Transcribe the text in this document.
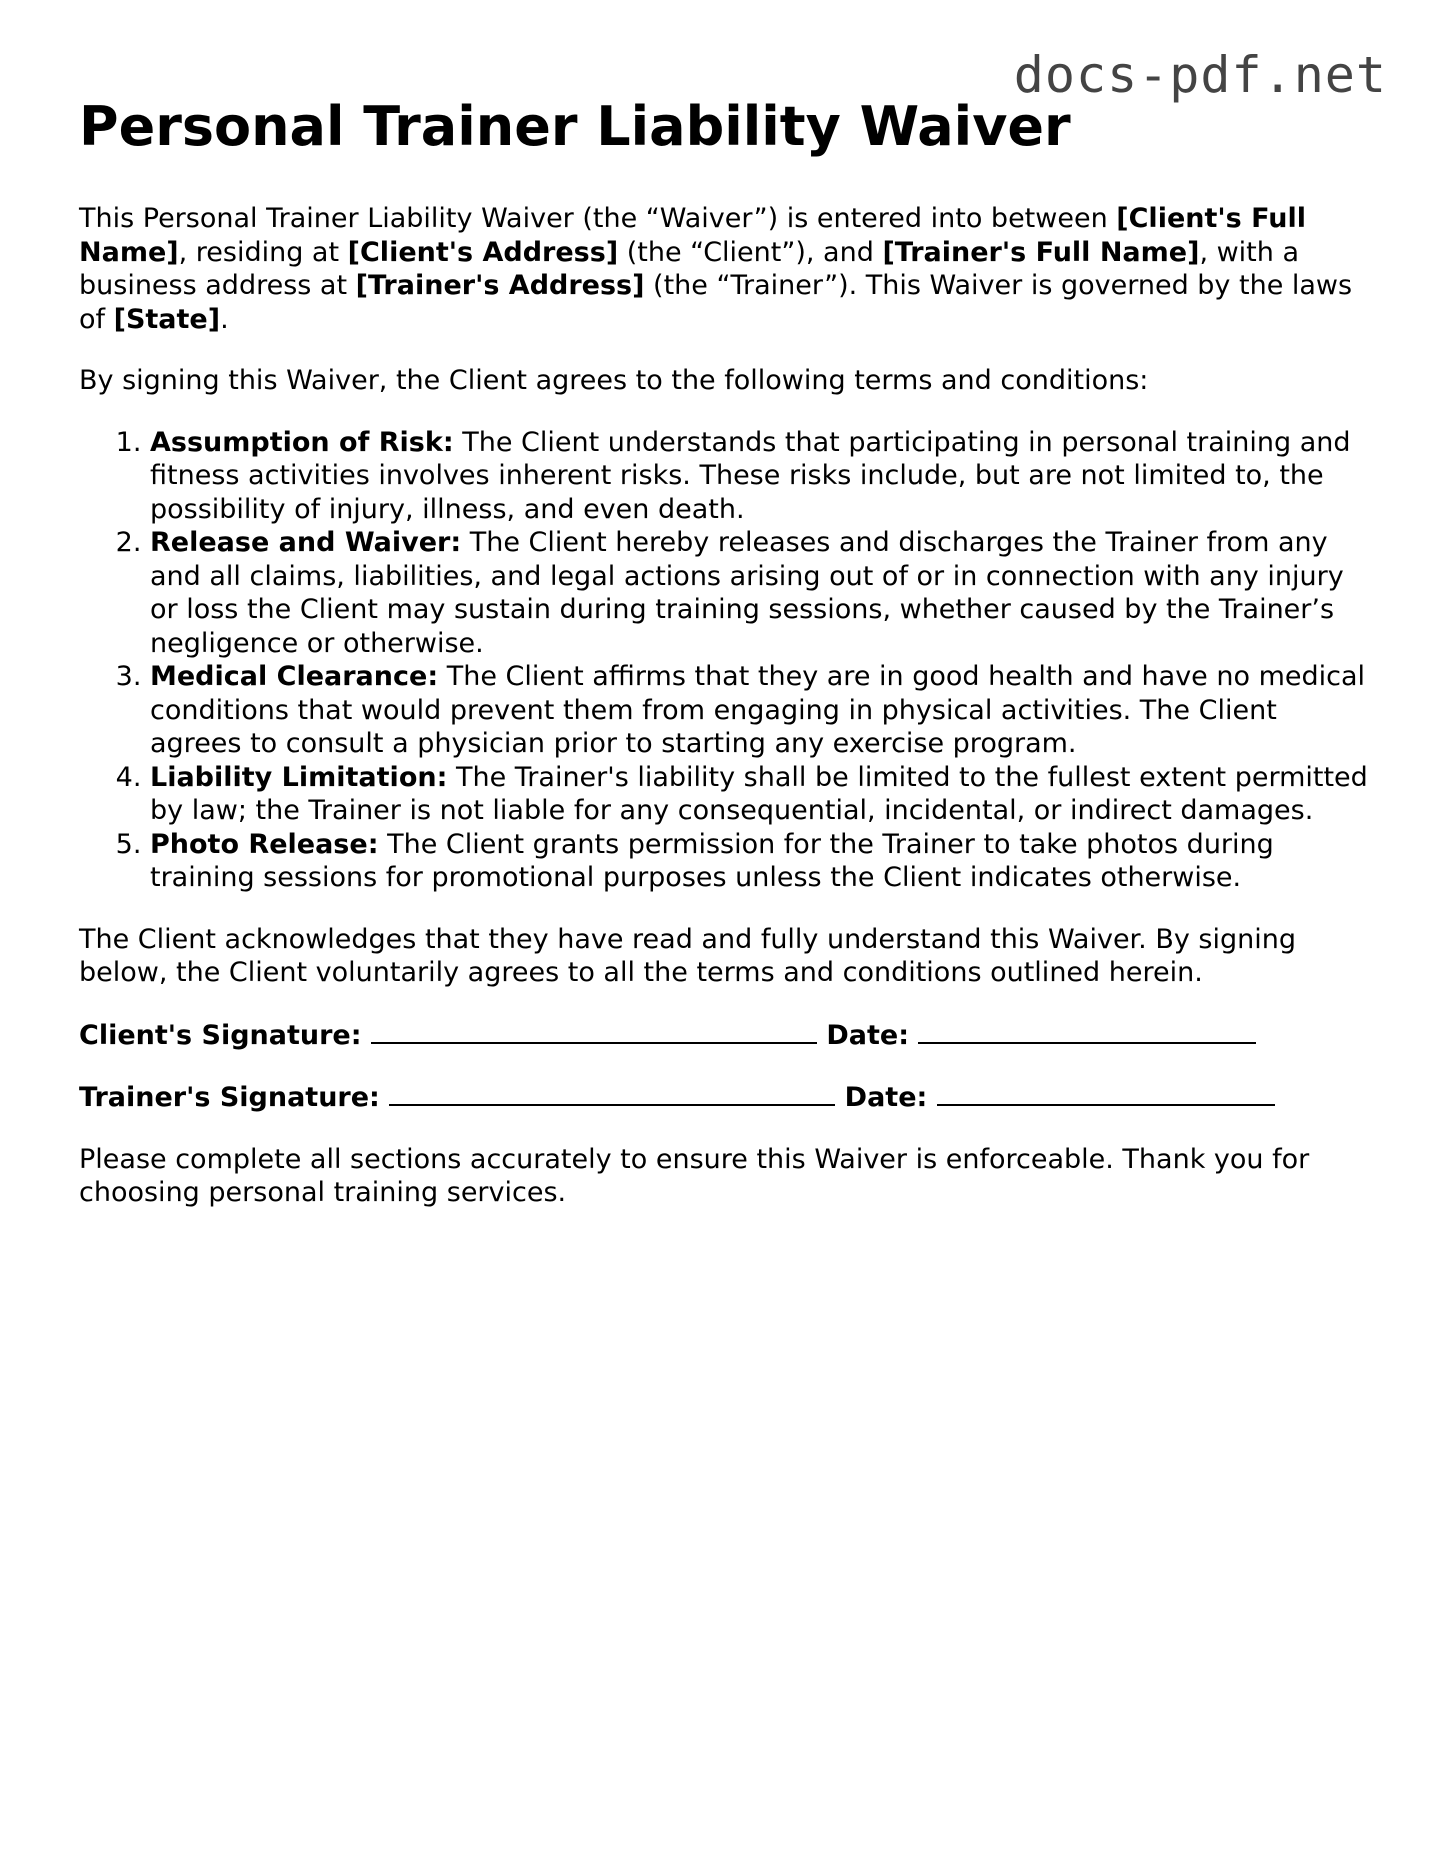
docs-pdf.net
Personal Trainer Liability Waiver

This Personal Trainer Liability Waiver (the “Waiver”) is entered into between [Client's Full Name], residing at [Client's Address] (the “Client”), and [Trainer's Full Name], with a business address at [Trainer's Address] (the “Trainer”). This Waiver is governed by the laws of [State].

By signing this Waiver, the Client agrees to the following terms and conditions:

1. Assumption of Risk: The Client understands that participating in personal training and fitness activities involves inherent risks. These risks include, but are not limited to, the possibility of injury, illness, and even death.
2. Release and Waiver: The Client hereby releases and discharges the Trainer from any and all claims, liabilities, and legal actions arising out of or in connection with any injury or loss the Client may sustain during training sessions, whether caused by the Trainer’s negligence or otherwise.
3. Medical Clearance: The Client affirms that they are in good health and have no medical conditions that would prevent them from engaging in physical activities. The Client agrees to consult a physician prior to starting any exercise program.
4. Liability Limitation: The Trainer's liability shall be limited to the fullest extent permitted by law; the Trainer is not liable for any consequential, incidental, or indirect damages.
5. Photo Release: The Client grants permission for the Trainer to take photos during training sessions for promotional purposes unless the Client indicates otherwise.

The Client acknowledges that they have read and fully understand this Waiver. By signing below, the Client voluntarily agrees to all the terms and conditions outlined herein.

Client's Signature:	Date:

Trainer's Signature:	Date:

Please complete all sections accurately to ensure this Waiver is enforceable. Thank you for choosing personal training services.
